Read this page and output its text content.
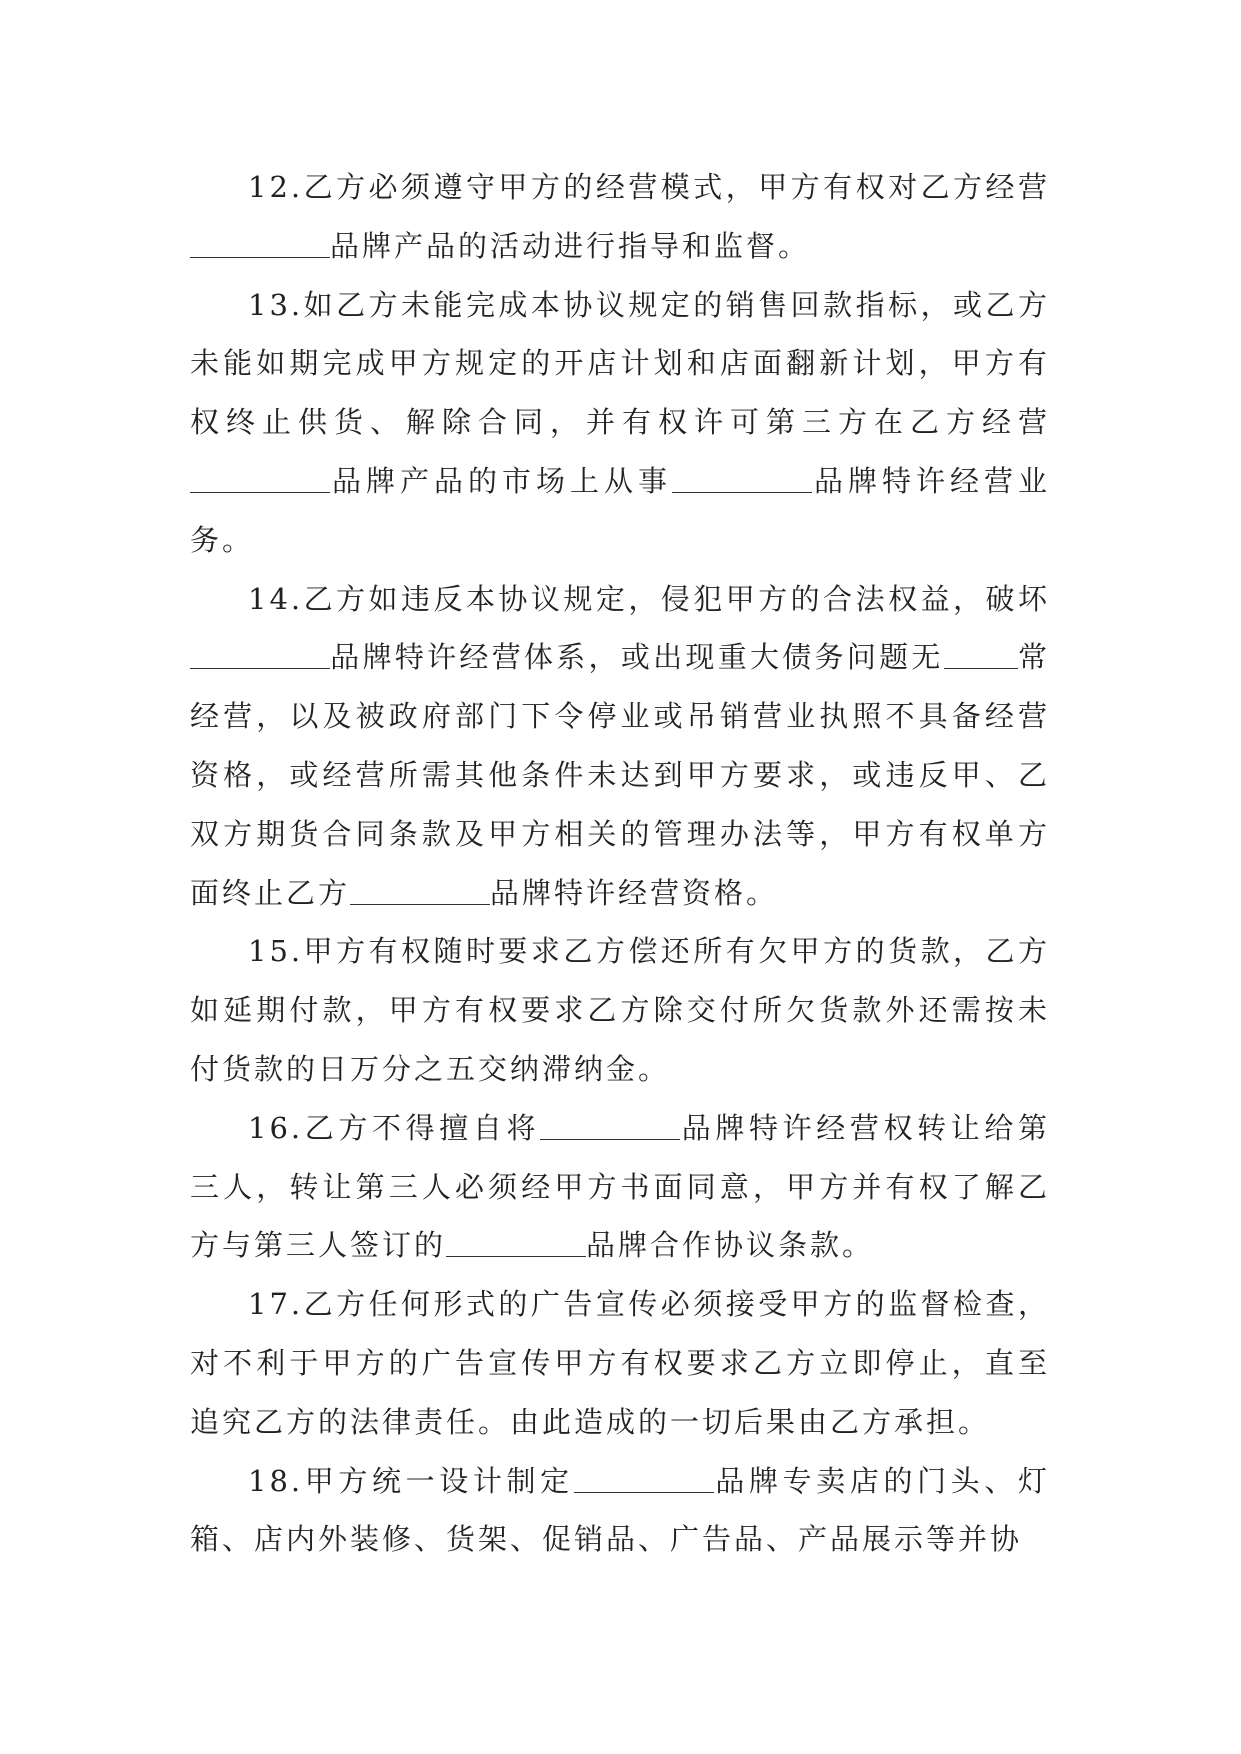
12.乙方必须遵守甲方的经营模式，甲方有权对乙方经营品牌产品的活动进行指导和监督。

13.如乙方未能完成本协议规定的销售回款指标，或乙方未能如期完成甲方规定的开店计划和店面翻新计划，甲方有权终止供货、解除合同，并有权许可第三方在乙方经营品牌产品的市场上从事	品牌特许经营业务。

14.乙方如违反本协议规定，侵犯甲方的合法权益，破坏品牌特许经营体系，或出现重大债务问题无	常经营，以及被政府部门下令停业或吊销营业执照不具备经营资格，或经营所需其他条件未达到甲方要求，或违反甲、乙双方期货合同条款及甲方相关的管理办法等，甲方有权单方面终止乙方	品牌特许经营资格。

15.甲方有权随时要求乙方偿还所有欠甲方的货款，乙方如延期付款，甲方有权要求乙方除交付所欠货款外还需按未付货款的日万分之五交纳滞纳金。

16.乙方不得擅自将	品牌特许经营权转让给第三人，转让第三人必须经甲方书面同意，甲方并有权了解乙方与第三人签订的	品牌合作协议条款。

17.乙方任何形式的广告宣传必须接受甲方的监督检查，对不利于甲方的广告宣传甲方有权要求乙方立即停止，直至追究乙方的法律责任。由此造成的一切后果由乙方承担。

18.甲方统一设计制定	品牌专卖店的门头、灯箱、店内外装修、货架、促销品、广告品、产品展示等并协
